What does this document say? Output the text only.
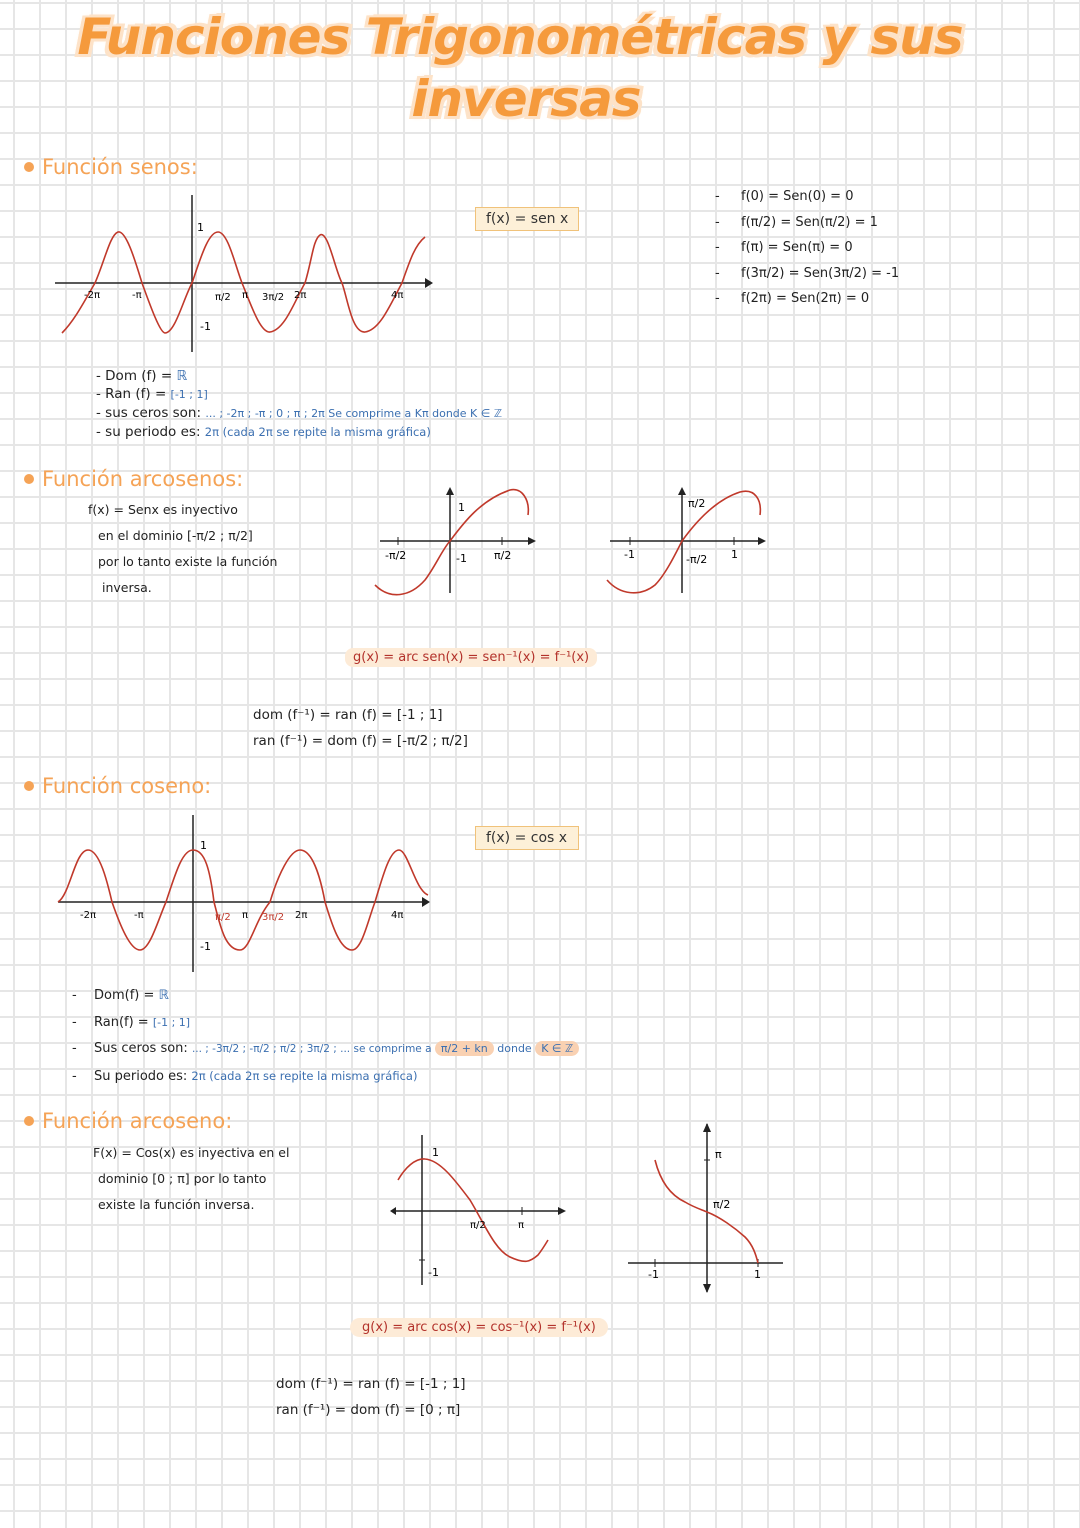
Funciones Trigonométricas y sus
inversas
Función senos:
1
-1
-2π	-π	π/2 π 3π/2 2π	4π
f(x) = sen x
- f(0) = Sen(0) = 0
- f(π/2) = Sen(π/2) = 1
- f(π) = Sen(π) = 0
- f(3π/2) = Sen(3π/2) = -1
- f(2π) = Sen(2π) = 0
- Dom (f) = ℝ
- Ran (f) = [-1 ; 1]
- sus ceros son: ... ; -2π ; -π ; 0 ; π ; 2π Se comprime a Kπ donde K ∈ ℤ
- su periodo es: 2π (cada 2π se repite la misma gráfica)
Función arcosenos:
f(x) = Senx es inyectivo
en el dominio [-π/2 ; π/2]
por lo tanto existe la función
inversa.
1
-1
-π/2	π/2
π/2
-π/2
-1	1
g(x) = arc sen(x) = sen⁻¹(x) = f⁻¹(x)
dom (f⁻¹) = ran (f) = [-1 ; 1]
ran (f⁻¹) = dom (f) = [-π/2 ; π/2]
Función coseno:
1
-1
-2π	-π	π/2 π 3π/2 2π	4π
f(x) = cos x
- Dom(f) = ℝ
- Ran(f) = [-1 ; 1]
- Sus ceros son: ... ; -3π/2 ; -π/2 ; π/2 ; 3π/2 ; ... se comprime a π/2 + kn donde K ∈ ℤ
- Su periodo es: 2π (cada 2π se repite la misma gráfica)
Función arcoseno:
F(x) = Cos(x) es inyectiva en el
dominio [0 ; π] por lo tanto
existe la función inversa.
1
-1
π/2	π
π
π/2
-1	1
g(x) = arc cos(x) = cos⁻¹(x) = f⁻¹(x)
dom (f⁻¹) = ran (f) = [-1 ; 1]
ran (f⁻¹) = dom (f) = [0 ; π]
